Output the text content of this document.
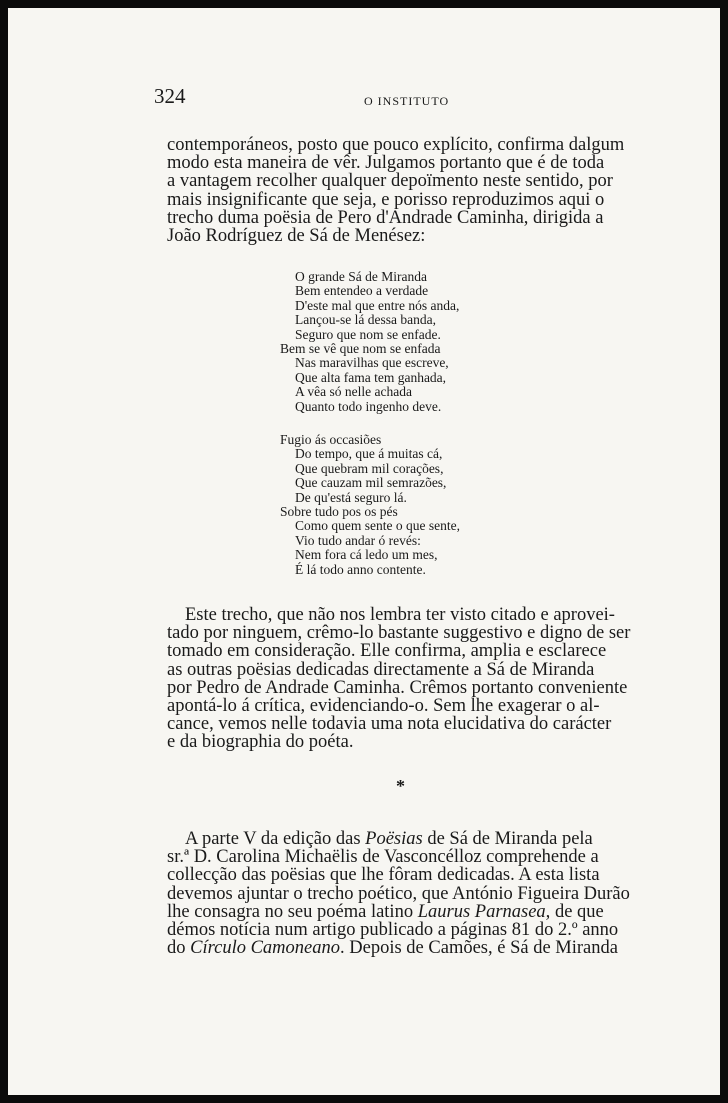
324	O INSTITUTO

contemporáneos, posto que pouco explícito, confirma dalgum

modo esta maneira de vêr. Julgamos portanto que é de toda

a vantagem recolher qualquer depoïmento neste sentido, por

mais insignificante que seja, e porisso reproduzimos aqui o

trecho duma poësia de Pero d'Andrade Caminha, dirigida a

João Rodríguez de Sá de Menésez:

O grande Sá de Miranda
Bem entendeo a verdade
D'este mal que entre nós anda,
Lançou-se lá dessa banda,
Seguro que nom se enfade.
Bem se vê que nom se enfada
Nas maravilhas que escreve,
Que alta fama tem ganhada,
A vêa só nelle achada
Quanto todo ingenho deve.
Fugio ás occasiões
Do tempo, que á muitas cá,
Que quebram mil corações,
Que cauzam mil semrazões,
De qu'está seguro lá.
Sobre tudo pos os pés
Como quem sente o que sente,
Vio tudo andar ó revés:
Nem fora cá ledo um mes,
É lá todo anno contente.

Este trecho, que não nos lembra ter visto citado e aprovei-

tado por ninguem, crêmo-lo bastante suggestivo e digno de ser

tomado em consideração. Elle confirma, amplia e esclarece

as outras poësias dedicadas directamente a Sá de Miranda

por Pedro de Andrade Caminha. Crêmos portanto conveniente

apontá-lo á crítica, evidenciando-o. Sem lhe exagerar o al-

cance, vemos nelle todavia uma nota elucidativa do carácter

e da biographia do poéta.

*

A parte V da edição das Poësias de Sá de Miranda pela

sr.ª D. Carolina Michaëlis de Vasconcélloz comprehende a

collecção das poësias que lhe fôram dedicadas. A esta lista

devemos ajuntar o trecho poético, que António Figueira Durão

lhe consagra no seu poéma latino Laurus Parnasea, de que

démos notícia num artigo publicado a páginas 81 do 2.º anno

do Círculo Camoneano. Depois de Camões, é Sá de Miranda
